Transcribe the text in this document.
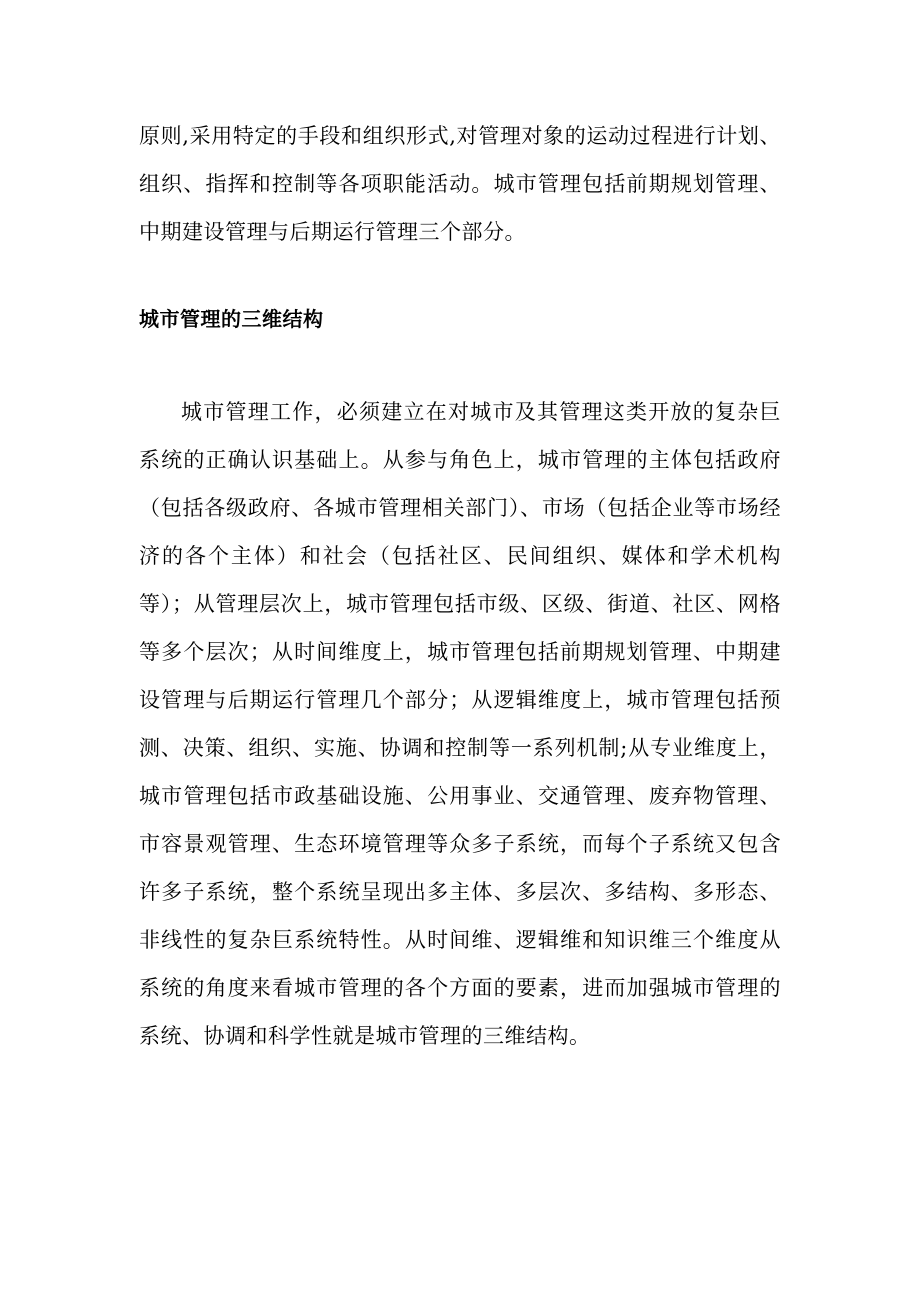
原则,采用特定的手段和组织形式,对管理对象的运动过程进行计划、组织、指挥和控制等各项职能活动。城市管理包括前期规划管理、中期建设管理与后期运行管理三个部分。

城市管理的三维结构

城市管理工作，必须建立在对城市及其管理这类开放的复杂巨系统的正确认识基础上。从参与角色上，城市管理的主体包括政府（包括各级政府、各城市管理相关部门）、市场（包括企业等市场经济的各个主体）和社会（包括社区、民间组织、媒体和学术机构等）；从管理层次上，城市管理包括市级、区级、街道、社区、网格等多个层次；从时间维度上，城市管理包括前期规划管理、中期建设管理与后期运行管理几个部分；从逻辑维度上，城市管理包括预测、决策、组织、实施、协调和控制等一系列机制;从专业维度上，城市管理包括市政基础设施、公用事业、交通管理、废弃物管理、市容景观管理、生态环境管理等众多子系统，而每个子系统又包含许多子系统，整个系统呈现出多主体、多层次、多结构、多形态、非线性的复杂巨系统特性。从时间维、逻辑维和知识维三个维度从系统的角度来看城市管理的各个方面的要素，进而加强城市管理的系统、协调和科学性就是城市管理的三维结构。
